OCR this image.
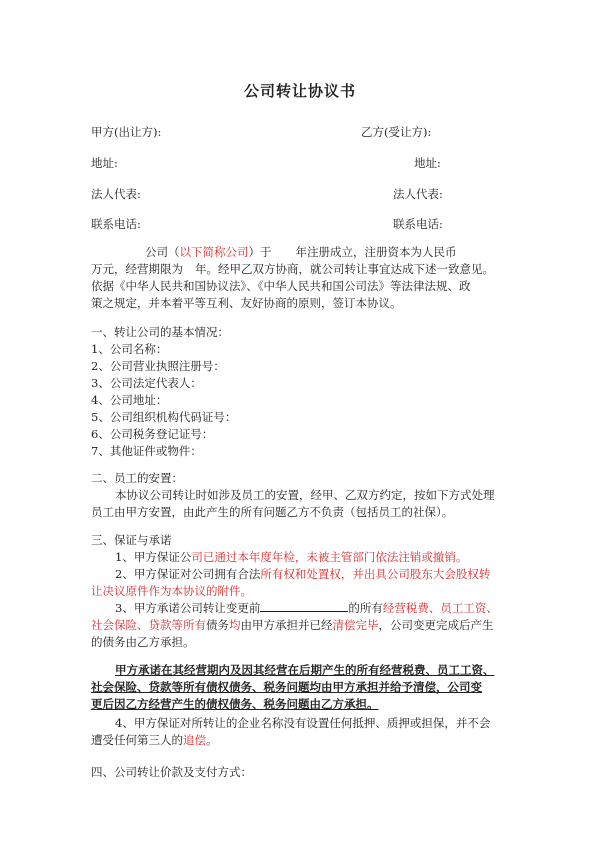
公司转让协议书
甲方(出让方):	乙方(受让方):
地址:	地址:
法人代表:	法人代表:
联系电话:	联系电话:
公司（以下简称公司）于 年注册成立，注册资本为人民币
万元，经营期限为 年。经甲乙双方协商，就公司转让事宜达成下述一致意见。
依据《中华人民共和国协议法》、《中华人民共和国公司法》等法律法规、政
策之规定，并本着平等互利、友好协商的原则，签订本协议。
一、转让公司的基本情况：
1、公司名称：
2、公司营业执照注册号：
3、公司法定代表人：
4、公司地址：
5、公司组织机构代码证号：
6、公司税务登记证号：
7、其他证件或物件：
二、员工的安置：
本协议公司转让时如涉及员工的安置，经甲、乙双方约定，按如下方式处理
员工由甲方安置，由此产生的所有问题乙方不负责（包括员工的社保）。
三、保证与承诺
1、甲方保证公司已通过本年度年检，未被主管部门依法注销或撤销。
2、甲方保证对公司拥有合法所有权和处置权，并出具公司股东大会股权转
让决议原件作为本协议的附件。
3、甲方承诺公司转让变更前	的所有经营税费、员工工资、
社会保险、贷款等所有债务均由甲方承担并已经清偿完毕，公司变更完成后产生
的债务由乙方承担。
甲方承诺在其经营期内及因其经营在后期产生的所有经营税费、员工工资、
社会保险、贷款等所有债权债务、税务问题均由甲方承担并给予清偿，公司变
更后因乙方经营产生的债权债务、税务问题由乙方承担。
4、甲方保证对所转让的企业名称没有设置任何抵押、质押或担保，并不会
遭受任何第三人的追偿。
四、公司转让价款及支付方式：
